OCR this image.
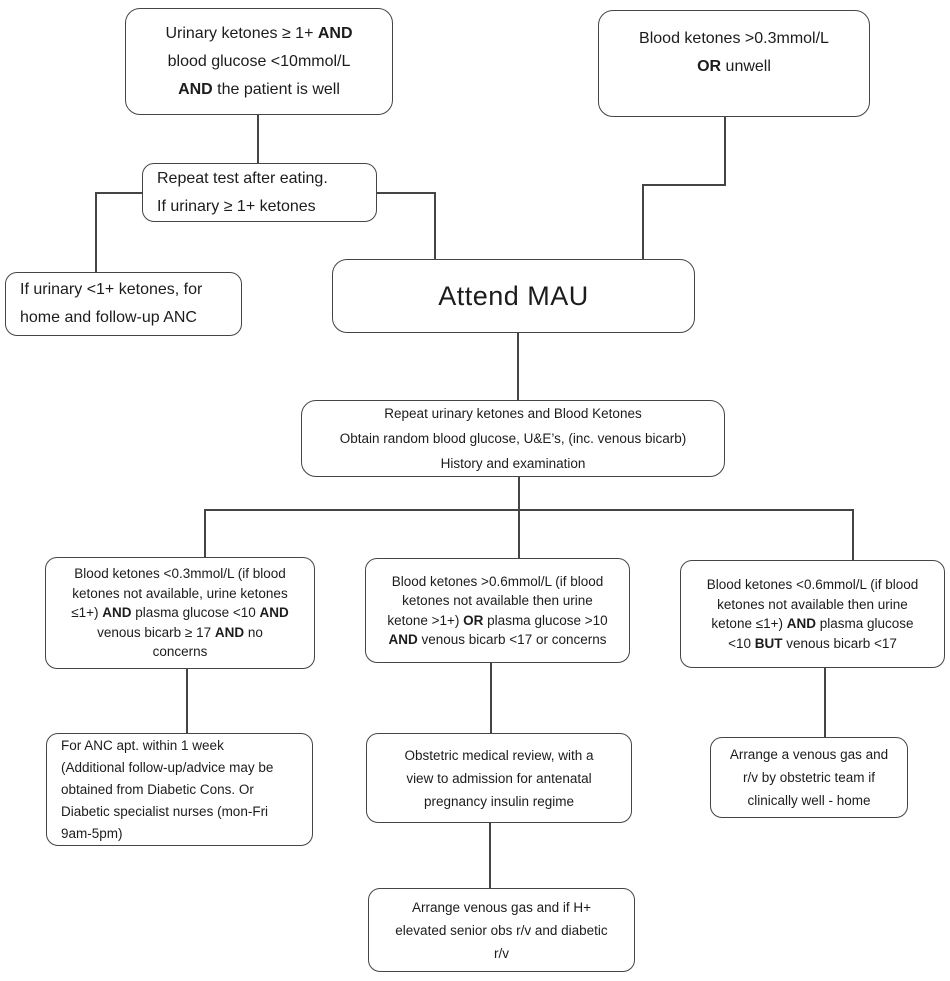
Urinary ketones ≥ 1+ AND
blood glucose <10mmol/L
AND the patient is well
Blood ketones >0.3mmol/L
OR unwell
Repeat test after eating.
If urinary ≥ 1+ ketones
If urinary <1+ ketones, for
home and follow-up ANC
Attend MAU
Repeat urinary ketones and Blood Ketones
Obtain random blood glucose, U&E’s, (inc. venous bicarb)
History and examination
Blood ketones <0.3mmol/L (if blood
ketones not available, urine ketones
≤1+) AND plasma glucose <10 AND
venous bicarb ≥ 17 AND no
concerns
Blood ketones >0.6mmol/L (if blood
ketones not available then urine
ketone >1+) OR plasma glucose >10
AND venous bicarb <17 or concerns
Blood ketones <0.6mmol/L (if blood
ketones not available then urine
ketone ≤1+) AND plasma glucose
<10 BUT venous bicarb <17
For ANC apt. within 1 week
(Additional follow-up/advice may be
obtained from Diabetic Cons. Or
Diabetic specialist nurses (mon-Fri
9am-5pm)
Obstetric medical review, with a
view to admission for antenatal
pregnancy insulin regime
Arrange a venous gas and
r/v by obstetric team if
clinically well - home
Arrange venous gas and if H+
elevated senior obs r/v and diabetic
r/v
